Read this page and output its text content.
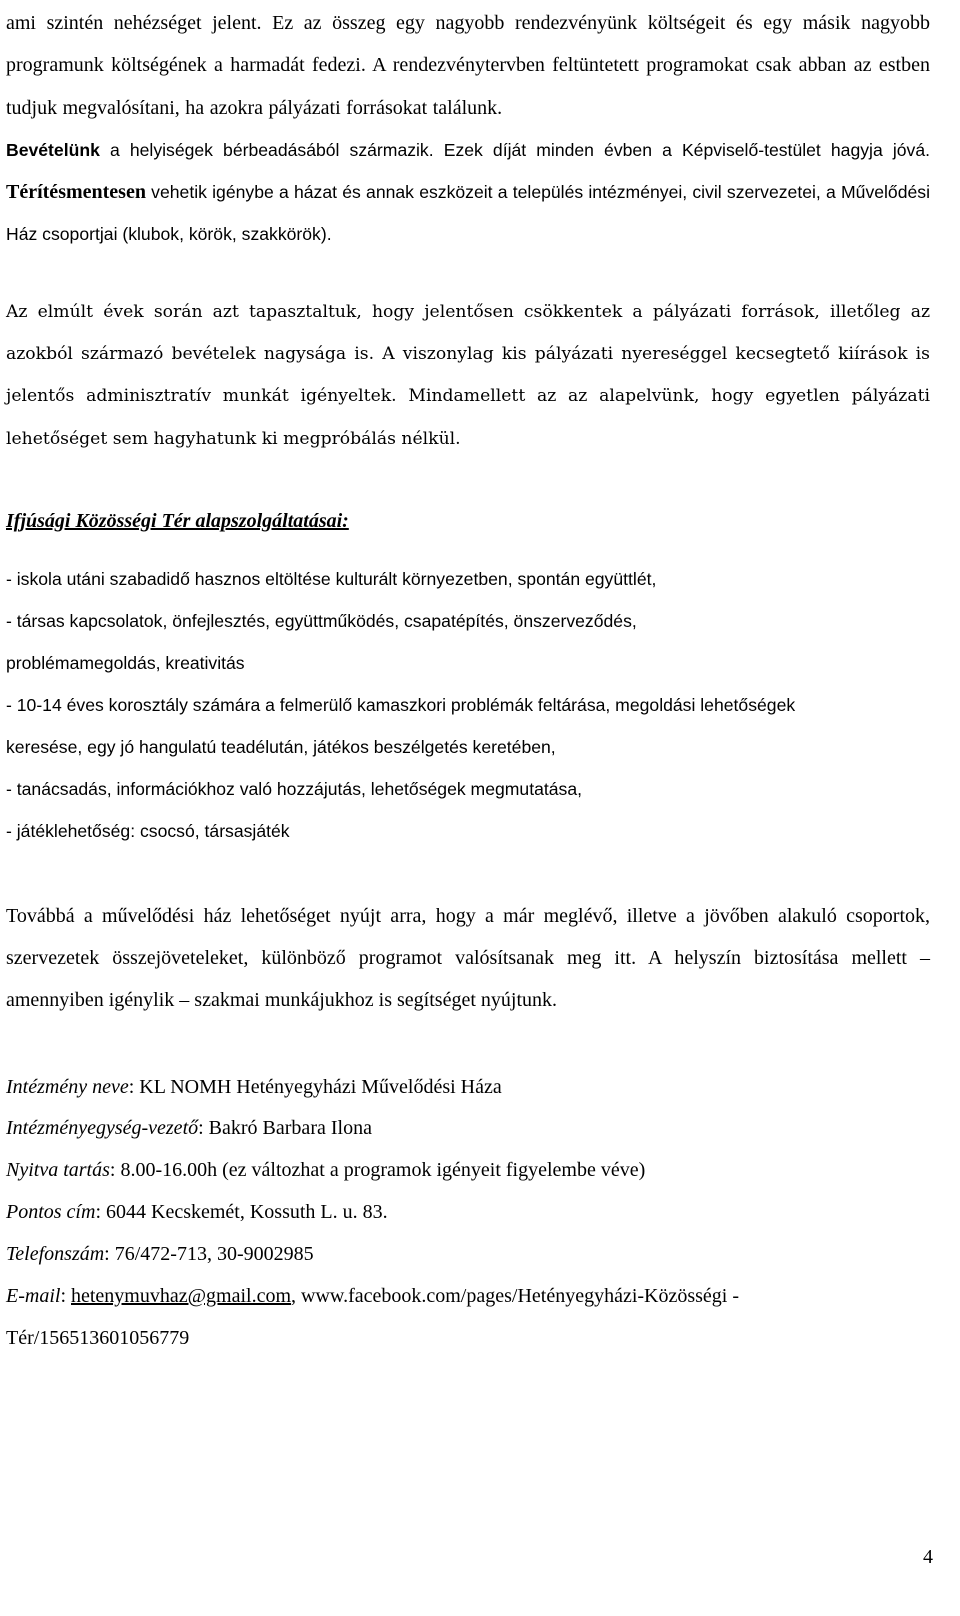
ami szintén nehézséget jelent. Ez az összeg egy nagyobb rendezvényünk költségeit és egy másik nagyobb programunk költségének a harmadát fedezi. A rendezvénytervben feltüntetett programokat csak abban az estben tudjuk megvalósítani, ha azokra pályázati forrásokat találunk.

Bevételünk a helyiségek bérbeadásából származik. Ezek díját minden évben a Képviselő-testület hagyja jóvá. Térítésmentesen vehetik igénybe a házat és annak eszközeit a település intézményei, civil szervezetei, a Művelődési Ház csoportjai (klubok, körök, szakkörök).

Az elmúlt évek során azt tapasztaltuk, hogy jelentősen csökkentek a pályázati források, illetőleg az azokból származó bevételek nagysága is. A viszonylag kis pályázati nyereséggel kecsegtető kiírások is jelentős adminisztratív munkát igényeltek. Mindamellett az az alapelvünk, hogy egyetlen pályázati lehetőséget sem hagyhatunk ki megpróbálás nélkül.

Ifjúsági Közösségi Tér alapszolgáltatásai:

- iskola utáni szabadidő hasznos eltöltése kulturált környezetben, spontán együttlét,
- társas kapcsolatok, önfejlesztés, együttműködés, csapatépítés, önszerveződés, problémamegoldás, kreativitás
- 10-14 éves korosztály számára a felmerülő kamaszkori problémák feltárása, megoldási lehetőségek keresése, egy jó hangulatú teadélután, játékos beszélgetés keretében,
- tanácsadás, információkhoz való hozzájutás, lehetőségek megmutatása,
- játéklehetőség: csocsó, társasjáték

Továbbá a művelődési ház lehetőséget nyújt arra, hogy a már meglévő, illetve a jövőben alakuló csoportok, szervezetek összejöveteleket, különböző programot valósítsanak meg itt. A helyszín biztosítása mellett – amennyiben igénylik – szakmai munkájukhoz is segítséget nyújtunk.

Intézmény neve: KL NOMH Hetényegyházi Művelődési Háza
Intézményegység-vezető: Bakró Barbara Ilona
Nyitva tartás: 8.00-16.00h (ez változhat a programok igényeit figyelembe véve)
Pontos cím: 6044 Kecskemét, Kossuth L. u. 83.
Telefonszám: 76/472-713, 30-9002985
E-mail: hetenymuvhaz@gmail.com, www.facebook.com/pages/Hetényegyházi-Közösségi -Tér/156513601056779
4
